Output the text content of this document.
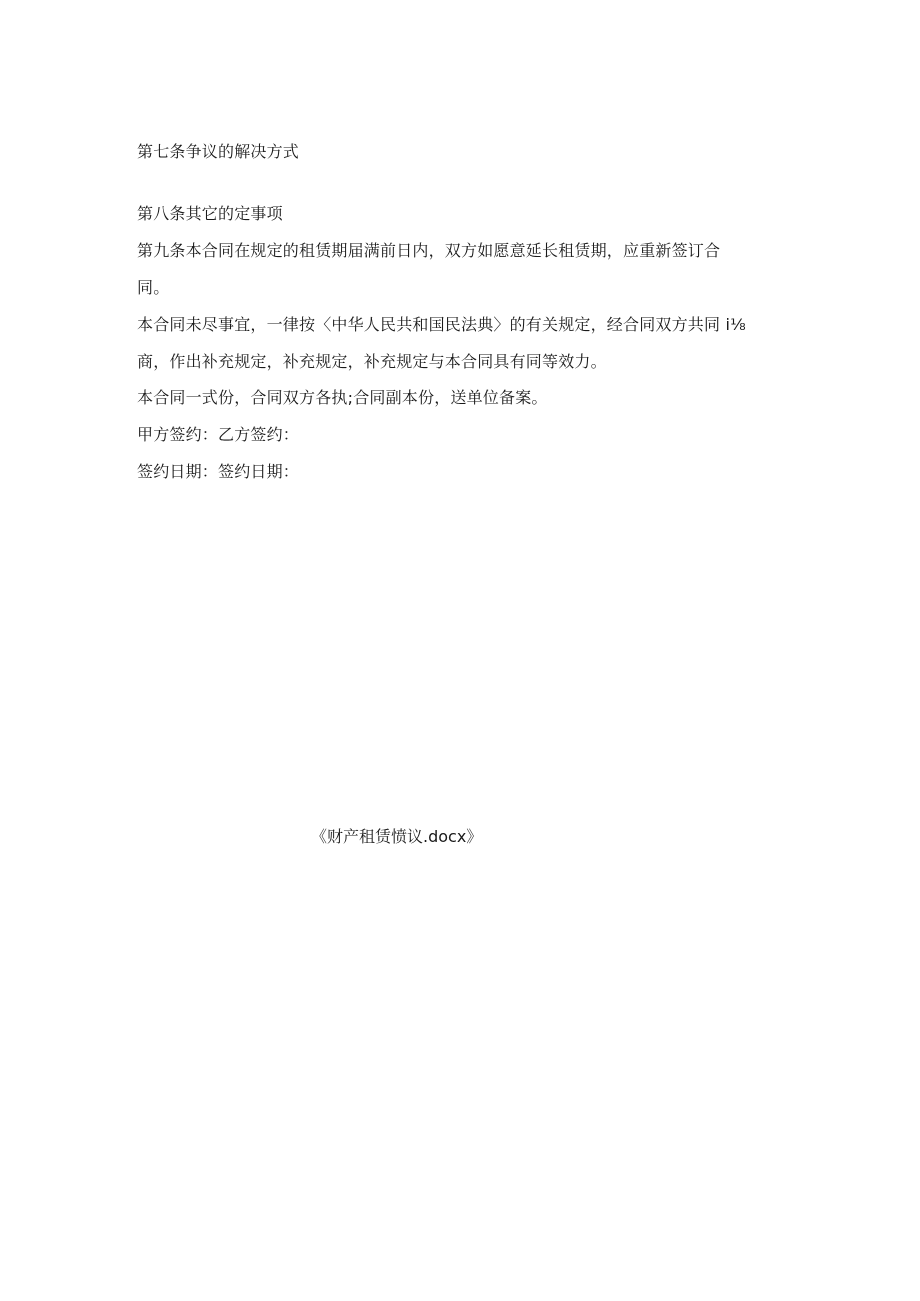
第七条争议的解决方式
第八条其它的定事项
第九条本合同在规定的租赁期届满前日内，双方如愿意延长租赁期，应重新签订合
同。
本合同未尽事宜，一律按〈中华人民共和国民法典〉的有关规定，经合同双方共同 i⅛
商，作出补充规定，补充规定，补充规定与本合同具有同等效力。
本合同一式份，合同双方各执;合同副本份，送单位备案。
甲方签约：乙方签约：
签约日期：签约日期：
《财产租赁愤议.docx》
